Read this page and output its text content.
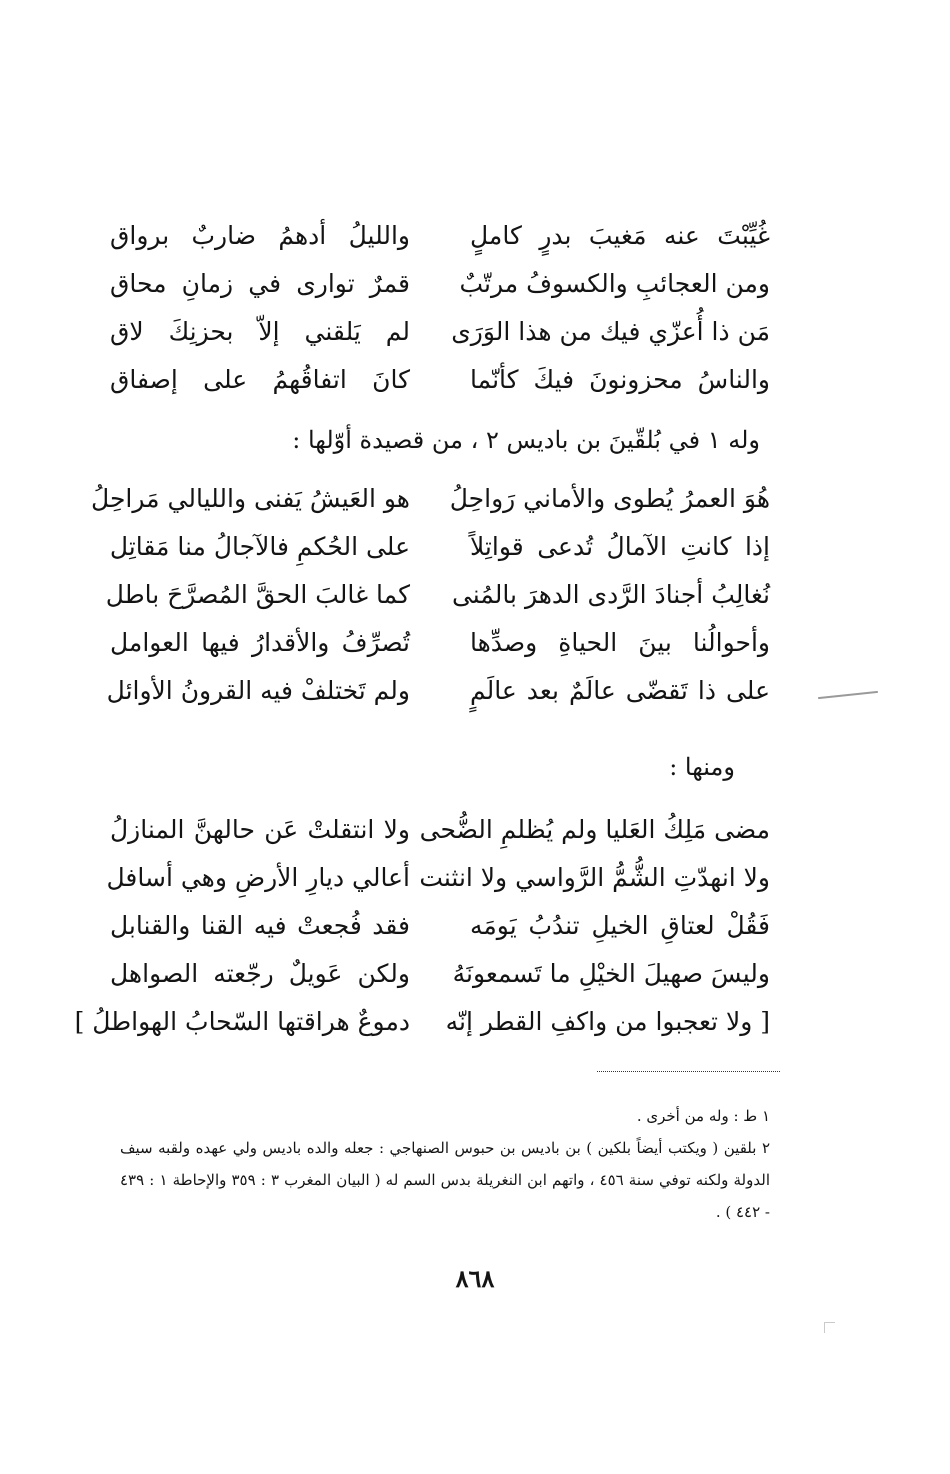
غُيِّبْتَ عنه مَغيبَ بدرٍ كاملٍ
والليلُ أدهمُ ضاربٌ برواق
ومن العجائبِ والكسوفُ مرتّبٌ
قمرٌ توارى في زمانِ محاق
مَن ذا أُعزّي فيك من هذا الوَرَى
لم يَلقني إلاّ بحزنِكَ لاق
والناسُ محزونونَ فيكَ كأنّما
كانَ اتفاقُهمُ على إصفاق
وله ١ في بُلقّينَ بن باديس ٢ ، من قصيدة أوّلها :
هُوَ العمرُ يُطوى والأماني رَواحِلُ
هو العَيشُ يَفنى والليالي مَراحِلُ
إذا كانتِ الآمالُ تُدعى قواتِلاً
على الحُكمِ فالآجالُ منا مَقاتِل
نُغالِبُ أجنادَ الرَّدى الدهرَ بالمُنى
كما غالبَ الحقَّ المُصرَّحَ باطل
وأحوالُنا بينَ الحياةِ وصدِّها
تُصرِّفُ والأقدارُ فيها العوامل
على ذا تَقضّى عالَمٌ بعد عالَمٍ
ولم تَختلفْ فيه القرونُ الأوائل
ومنها :
مضى مَلِكُ العَليا ولم يُظلمِ الضُّحى
ولا انتقلتْ عَن حالهنَّ المنازلُ
ولا انهدّتِ الشُّمُّ الرَّواسي ولا انثنت
أعالي ديارِ الأرضِ وهي أسافل
فَقُلْ لعتاقِ الخيلِ تندُبُ يَومَه
فقد فُجعتْ فيه القنا والقنابل
وليسَ صهيلَ الخيْلِ ما تَسمعونَهُ
ولكن عَويلٌ رجّعته الصواهل
[ ولا تعجبوا من واكفِ القطر إنّه
دموعٌ هراقتها السّحابُ الهواطلُ ]
١ ط : وله من أخرى .
٢ بلقين ( ويكتب أيضاً بلكين ) بن باديس بن حبوس الصنهاجي : جعله والده باديس ولي عهده ولقبه سيف الدولة ولكنه توفي سنة ٤٥٦ ، واتهم ابن النغريلة بدس السم له ( البيان المغرب ٣ : ٣٥٩ والإحاطة ١ : ٤٣٩ - ٤٤٢ ) .
٨٦٨
